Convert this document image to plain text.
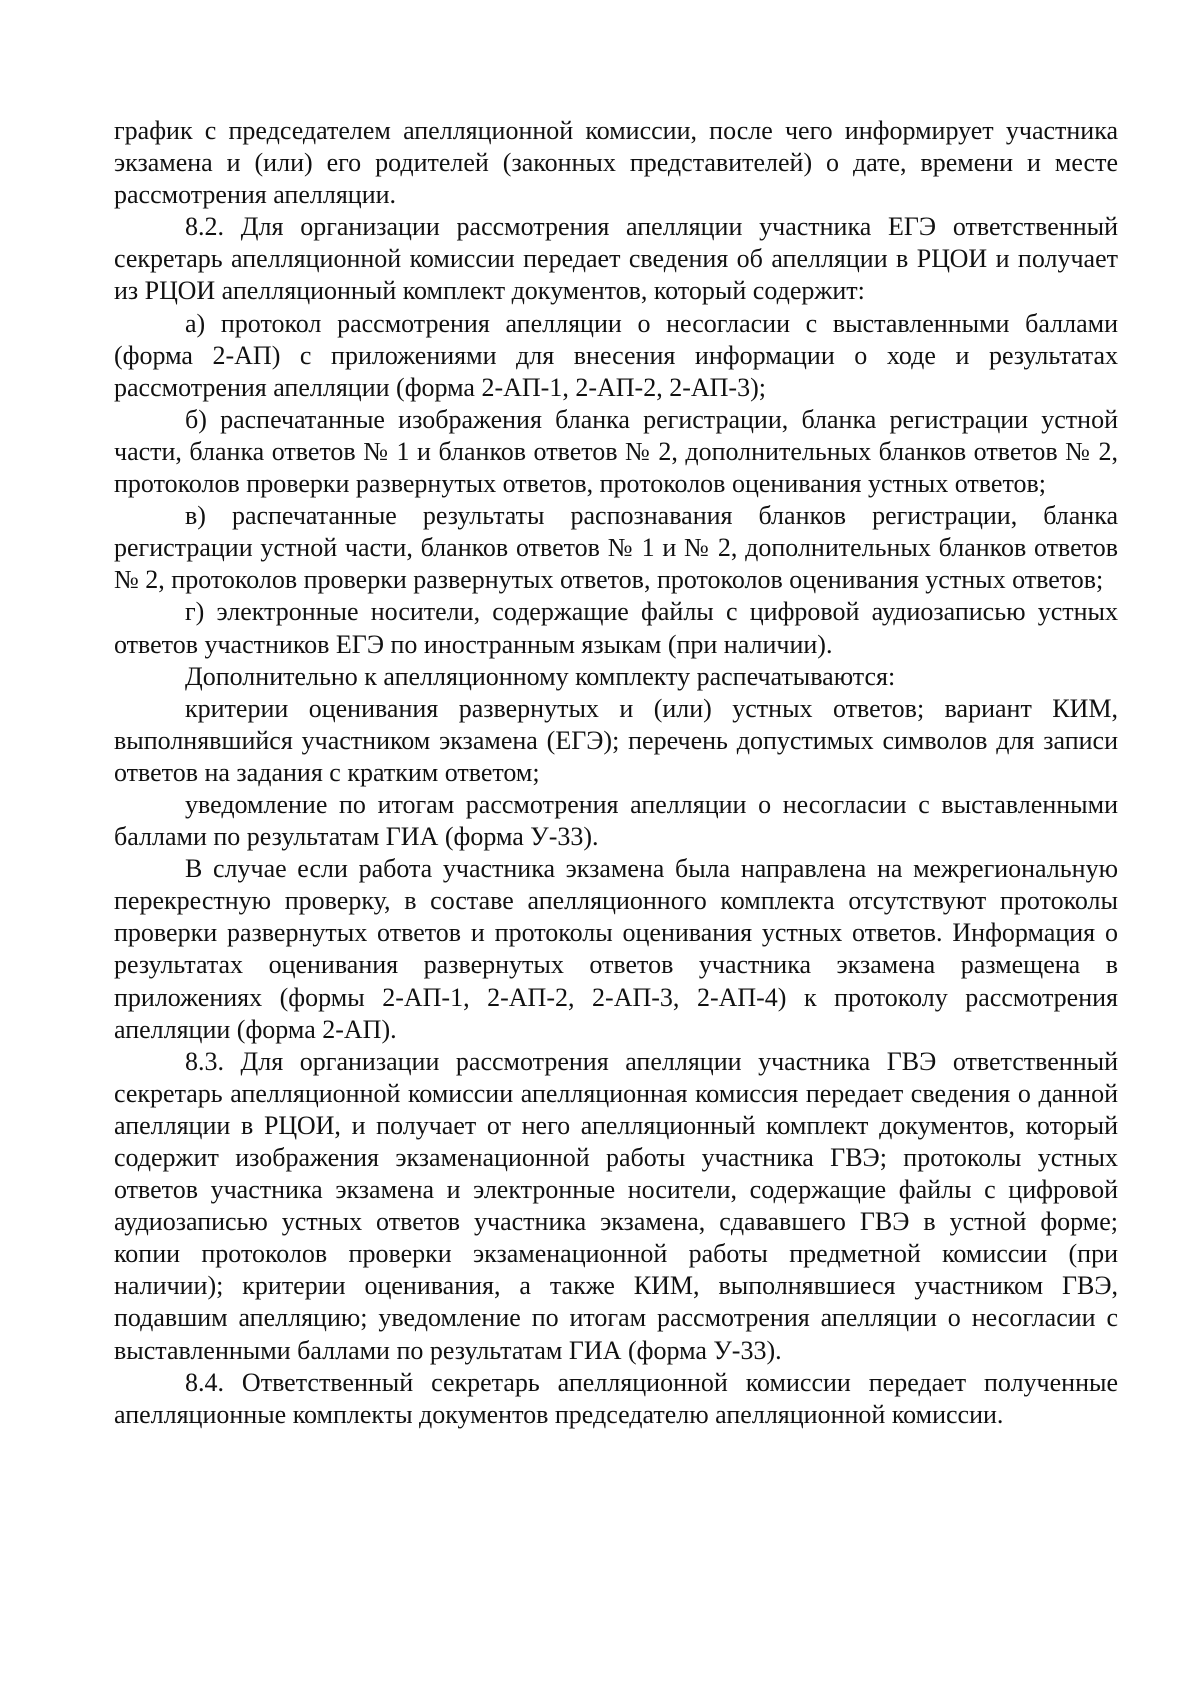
график с председателем апелляционной комиссии, после чего информирует участника экзамена и (или) его родителей (законных представителей) о дате, времени и месте рассмотрения апелляции.

8.2. Для организации рассмотрения апелляции участника ЕГЭ ответственный секретарь апелляционной комиссии передает сведения об апелляции в РЦОИ и получает из РЦОИ апелляционный комплект документов, который содержит:

а) протокол рассмотрения апелляции о несогласии с выставленными баллами (форма 2-АП) с приложениями для внесения информации о ходе и результатах рассмотрения апелляции (форма 2-АП-1, 2-АП-2, 2-АП-3);

б) распечатанные изображения бланка регистрации, бланка регистрации устной части, бланка ответов № 1 и бланков ответов № 2, дополнительных бланков ответов № 2, протоколов проверки развернутых ответов, протоколов оценивания устных ответов;

в) распечатанные результаты распознавания бланков регистрации, бланка регистрации устной части, бланков ответов № 1 и № 2, дополнительных бланков ответов № 2, протоколов проверки развернутых ответов, протоколов оценивания устных ответов;

г) электронные носители, содержащие файлы с цифровой аудиозаписью устных ответов участников ЕГЭ по иностранным языкам (при наличии).

Дополнительно к апелляционному комплекту распечатываются:

критерии оценивания развернутых и (или) устных ответов; вариант КИМ, выполнявшийся участником экзамена (ЕГЭ); перечень допустимых символов для записи ответов на задания с кратким ответом;

уведомление по итогам рассмотрения апелляции о несогласии с выставленными баллами по результатам ГИА (форма У-33).

В случае если работа участника экзамена была направлена на межрегиональную перекрестную проверку, в составе апелляционного комплекта отсутствуют протоколы проверки развернутых ответов и протоколы оценивания устных ответов. Информация о результатах оценивания развернутых ответов участника экзамена размещена в приложениях (формы 2-АП-1, 2-АП-2, 2-АП-3, 2-АП-4) к протоколу рассмотрения апелляции (форма 2-АП).

8.3. Для организации рассмотрения апелляции участника ГВЭ ответственный секретарь апелляционной комиссии апелляционная комиссия передает сведения о данной апелляции в РЦОИ, и получает от него апелляционный комплект документов, который содержит изображения экзаменационной работы участника ГВЭ; протоколы устных ответов участника экзамена и электронные носители, содержащие файлы с цифровой аудиозаписью устных ответов участника экзамена, сдававшего ГВЭ в устной форме; копии протоколов проверки экзаменационной работы предметной комиссии (при наличии); критерии оценивания, а также КИМ, выполнявшиеся участником ГВЭ, подавшим апелляцию; уведомление по итогам рассмотрения апелляции о несогласии с выставленными баллами по результатам ГИА (форма У-33).

8.4. Ответственный секретарь апелляционной комиссии передает полученные апелляционные комплекты документов председателю апелляционной комиссии.
